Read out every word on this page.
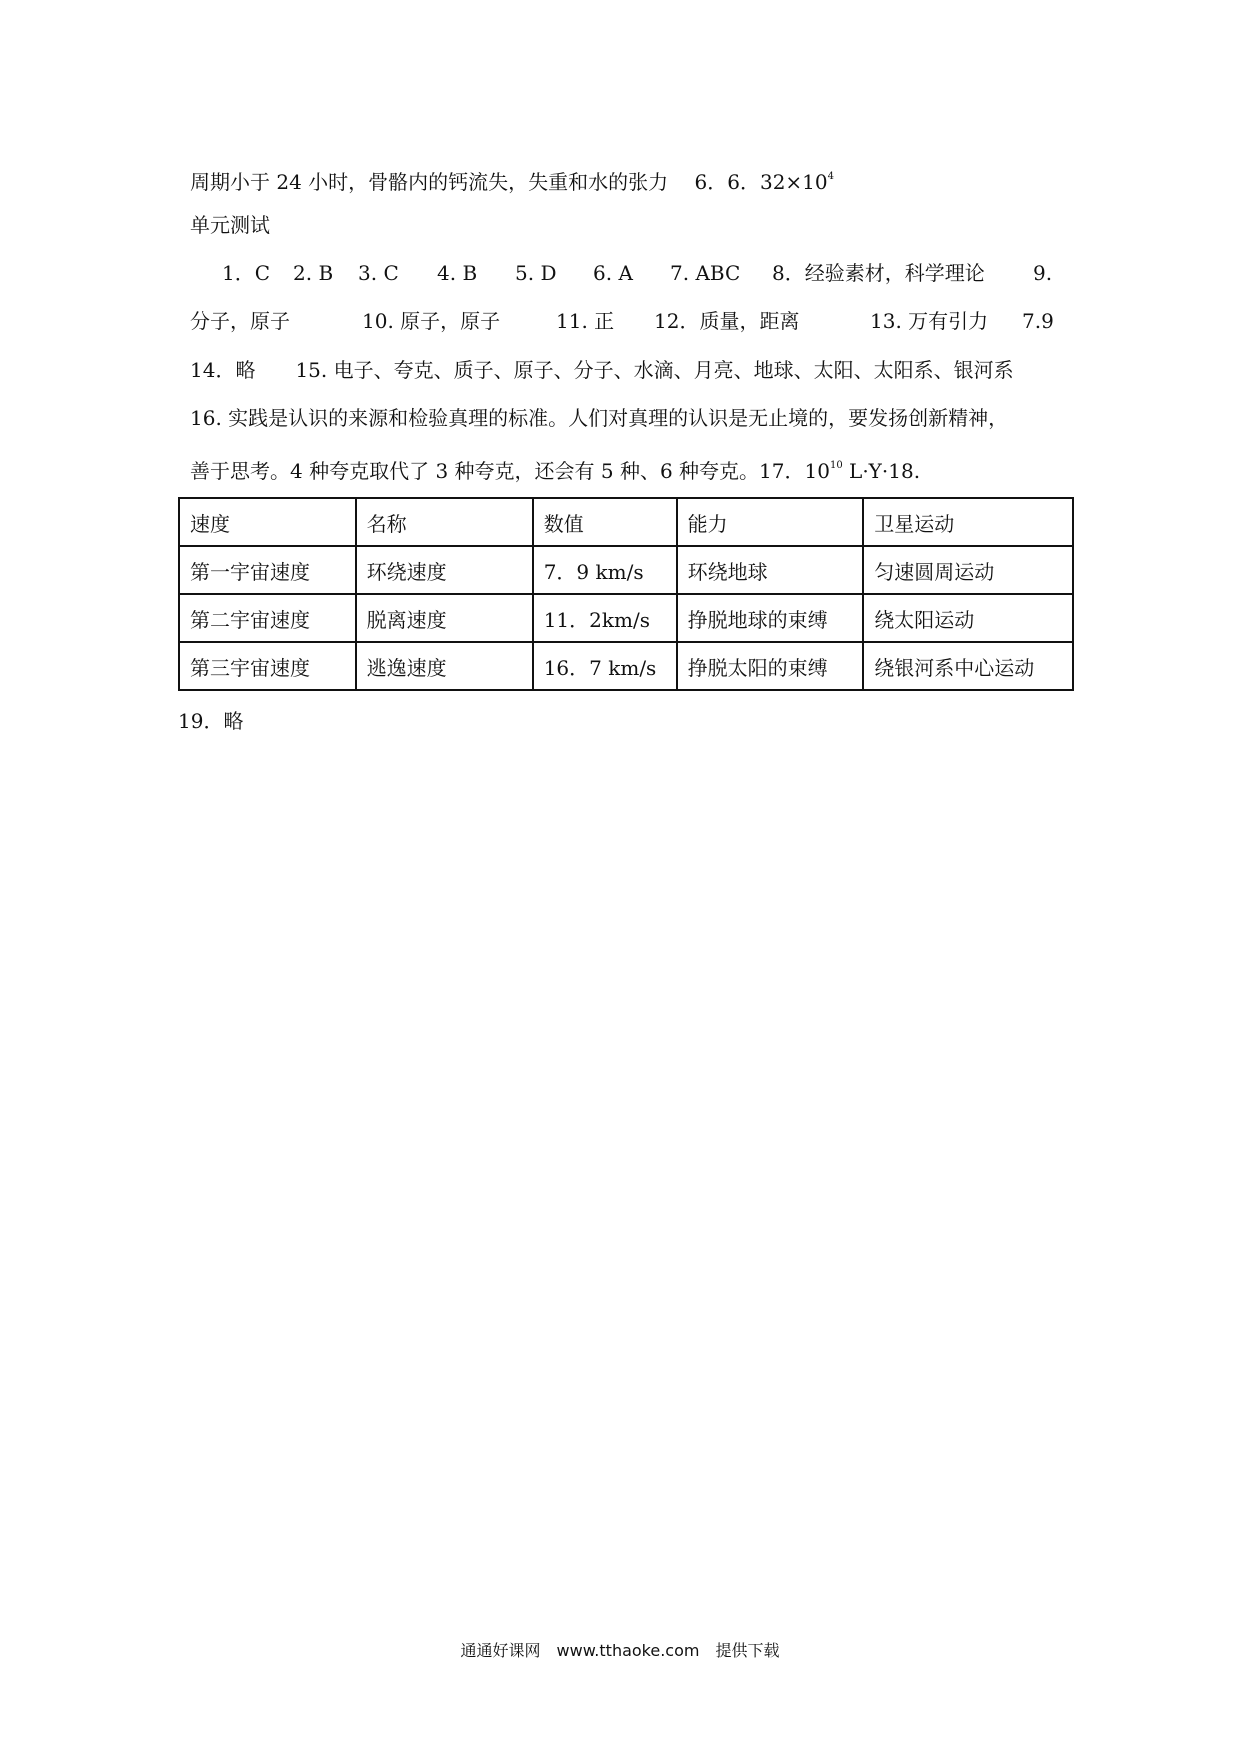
周期小于 24 小时，骨骼内的钙流失，失重和水的张力　 6．6．$32\times 10^4$
单元测试
1．C 2. B 3. C 4. B 5. D 6. A 7. ABC 8．经验素材，科学理论 9.
分子，原子	10. 原子，原子	11. 正 12．质量，距离	13. 万有引力 7.9
14．略　　15. 电子、夸克、质子、原子、分子、水滴、月亮、地球、太阳、太阳系、银河系
16. 实践是认识的来源和检验真理的标准。人们对真理的认识是无止境的，要发扬创新精神，
善于思考。4 种夸克取代了 3 种夸克，还会有 5 种、6 种夸克。17．$10^{10}$ L·Y·18.
速度	名称	数值	能力	卫星运动
第一宇宙速度	环绕速度	7．9 km/s	环绕地球	匀速圆周运动
第二宇宙速度	脱离速度	11．2km/s	挣脱地球的束缚	绕太阳运动
第三宇宙速度	逃逸速度	16．7 km/s	挣脱太阳的束缚	绕银河系中心运动
19．略
通通好课网　www.tthaoke.com　提供下载
